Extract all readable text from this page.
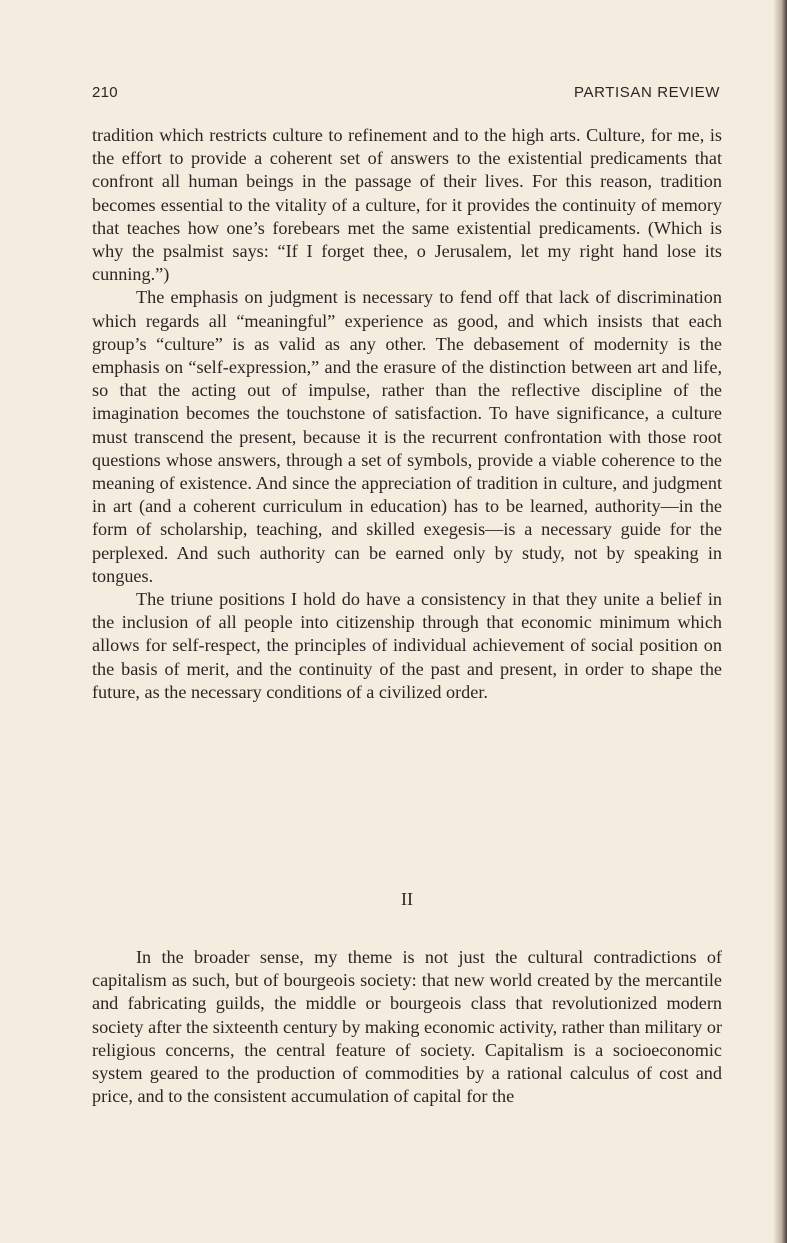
210	PARTISAN REVIEW

tradition which restricts culture to refinement and to the high arts. Culture, for me, is the effort to provide a coherent set of answers to the existential predicaments that confront all human beings in the passage of their lives. For this reason, tradition becomes essential to the vitality of a culture, for it provides the continuity of memory that teaches how one’s forebears met the same existential predicaments. (Which is why the psalmist says: “If I forget thee, o Jerusalem, let my right hand lose its cunning.”)

The emphasis on judgment is necessary to fend off that lack of discrimination which regards all “meaningful” experience as good, and which insists that each group’s “culture” is as valid as any other. The debasement of modernity is the emphasis on “self-expression,” and the erasure of the distinction between art and life, so that the acting out of impulse, rather than the reflective discipline of the imagination becomes the touchstone of satisfaction. To have significance, a culture must transcend the present, because it is the recurrent confrontation with those root questions whose answers, through a set of symbols, provide a viable coherence to the meaning of existence. And since the appreciation of tradition in culture, and judgment in art (and a coherent curriculum in education) has to be learned, authority—in the form of scholarship, teaching, and skilled exegesis—is a necessary guide for the perplexed. And such authority can be earned only by study, not by speaking in tongues.

The triune positions I hold do have a consistency in that they unite a belief in the inclusion of all people into citizenship through that economic minimum which allows for self-respect, the principles of individual achievement of social position on the basis of merit, and the continuity of the past and present, in order to shape the future, as the necessary conditions of a civilized order.

II

In the broader sense, my theme is not just the cultural contradictions of capitalism as such, but of bourgeois society: that new world created by the mercantile and fabricating guilds, the middle or bourgeois class that revolutionized modern society after the sixteenth century by making economic activity, rather than military or religious concerns, the central feature of society. Capitalism is a socioeconomic system geared to the production of commodities by a rational calculus of cost and price, and to the consistent accumulation of capital for the
